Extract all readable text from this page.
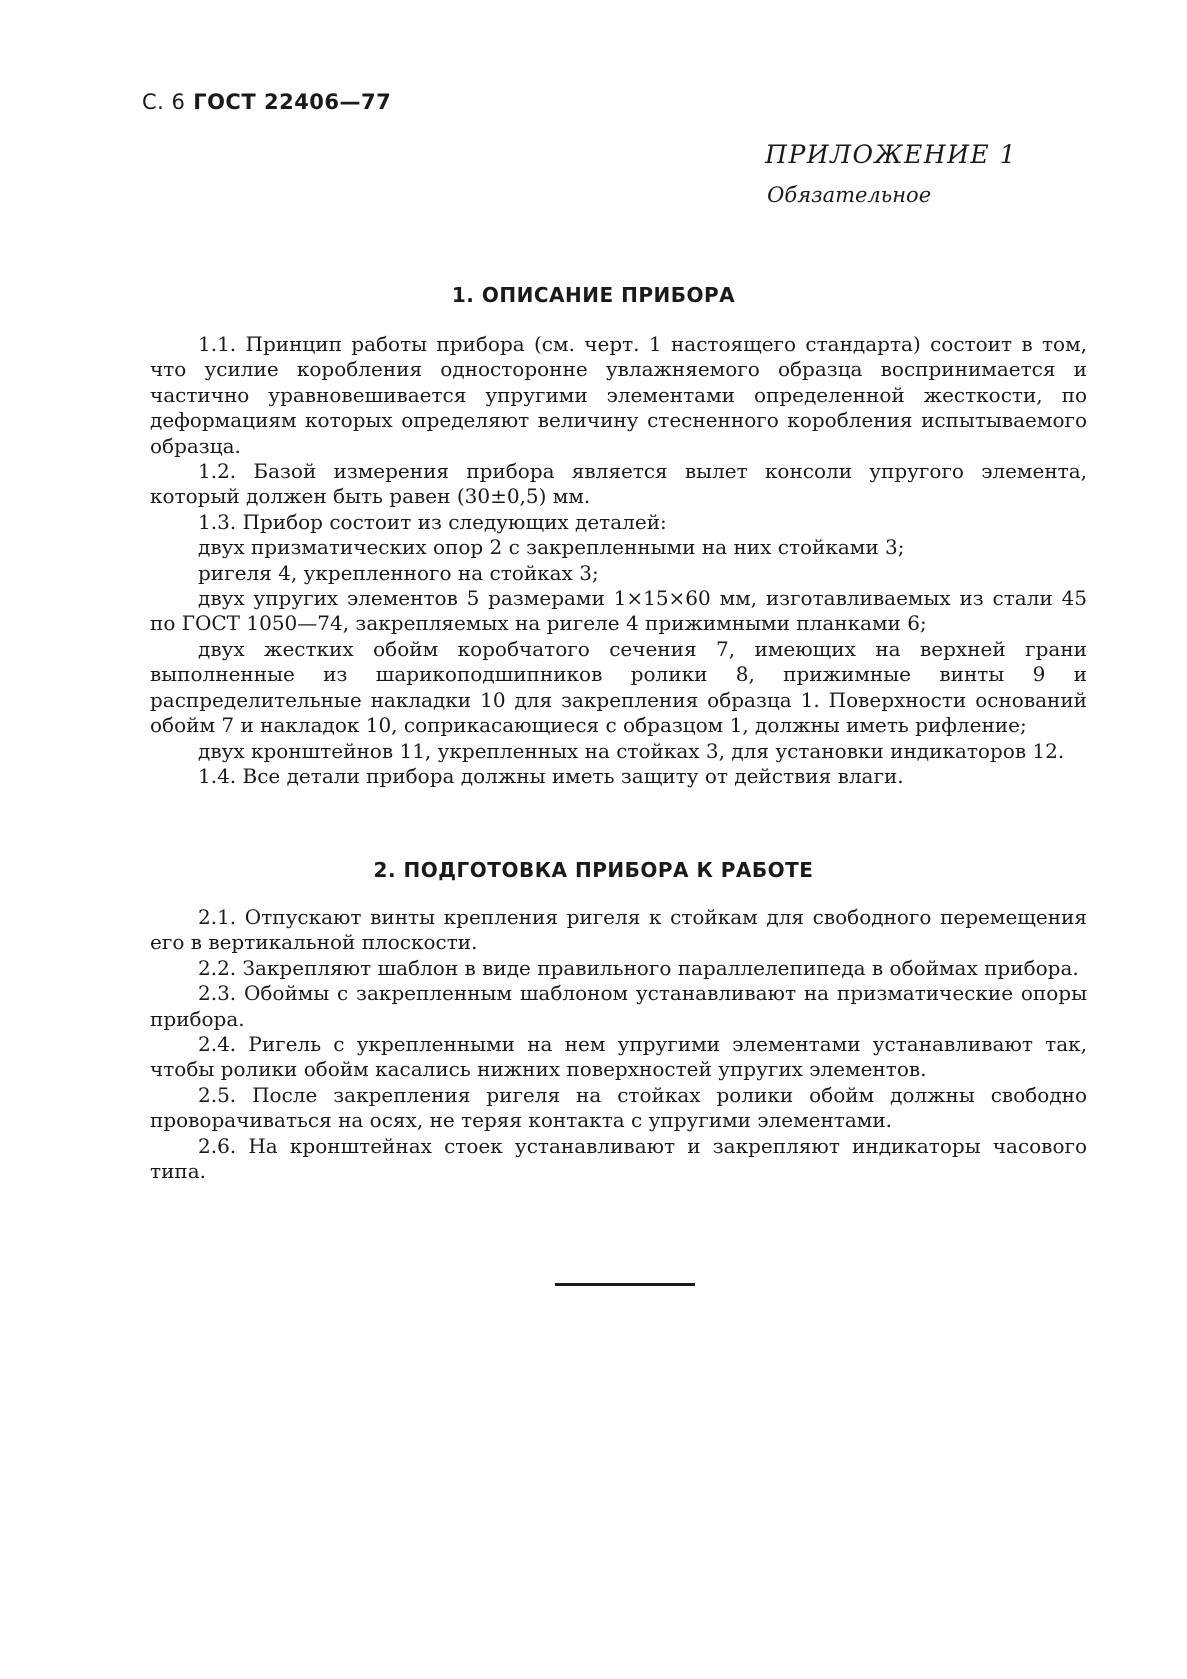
С. 6 ГОСТ 22406—77
ПРИЛОЖЕНИЕ 1
Обязательное
1. ОПИСАНИЕ ПРИБОРА

1.1. Принцип работы прибора (см. черт. 1 настоящего стандарта) состоит в том, что усилие коробления односторонне увлажняемого образца воспринимается и частично уравновешивается упругими элементами определенной жесткости, по деформациям которых определяют величину стесненного коробления испытываемого образца.

1.2. Базой измерения прибора является вылет консоли упругого элемента, который должен быть равен (30±0,5) мм.

1.3. Прибор состоит из следующих деталей:

двух призматических опор 2 с закрепленными на них стойками 3;

ригеля 4, укрепленного на стойках 3;

двух упругих элементов 5 размерами 1×15×60 мм, изготавливаемых из стали 45 по ГОСТ 1050—74, закрепляемых на ригеле 4 прижимными планками 6;

двух жестких обойм коробчатого сечения 7, имеющих на верхней грани выполненные из шарикоподшипников ролики 8, прижимные винты 9 и распределительные накладки 10 для закрепления образца 1. Поверхности оснований обойм 7 и накладок 10, соприкасающиеся с образцом 1, должны иметь рифление;

двух кронштейнов 11, укрепленных на стойках 3, для установки индикаторов 12.

1.4. Все детали прибора должны иметь защиту от действия влаги.

2. ПОДГОТОВКА ПРИБОРА К РАБОТЕ

2.1. Отпускают винты крепления ригеля к стойкам для свободного перемещения его в вертикальной плоскости.

2.2. Закрепляют шаблон в виде правильного параллелепипеда в обоймах прибора.

2.3. Обоймы с закрепленным шаблоном устанавливают на призматические опоры прибора.

2.4. Ригель с укрепленными на нем упругими элементами устанавливают так, чтобы ролики обойм касались нижних поверхностей упругих элементов.

2.5. После закрепления ригеля на стойках ролики обойм должны свободно проворачиваться на осях, не теряя контакта с упругими элементами.

2.6. На кронштейнах стоек устанавливают и закрепляют индикаторы часового типа.
